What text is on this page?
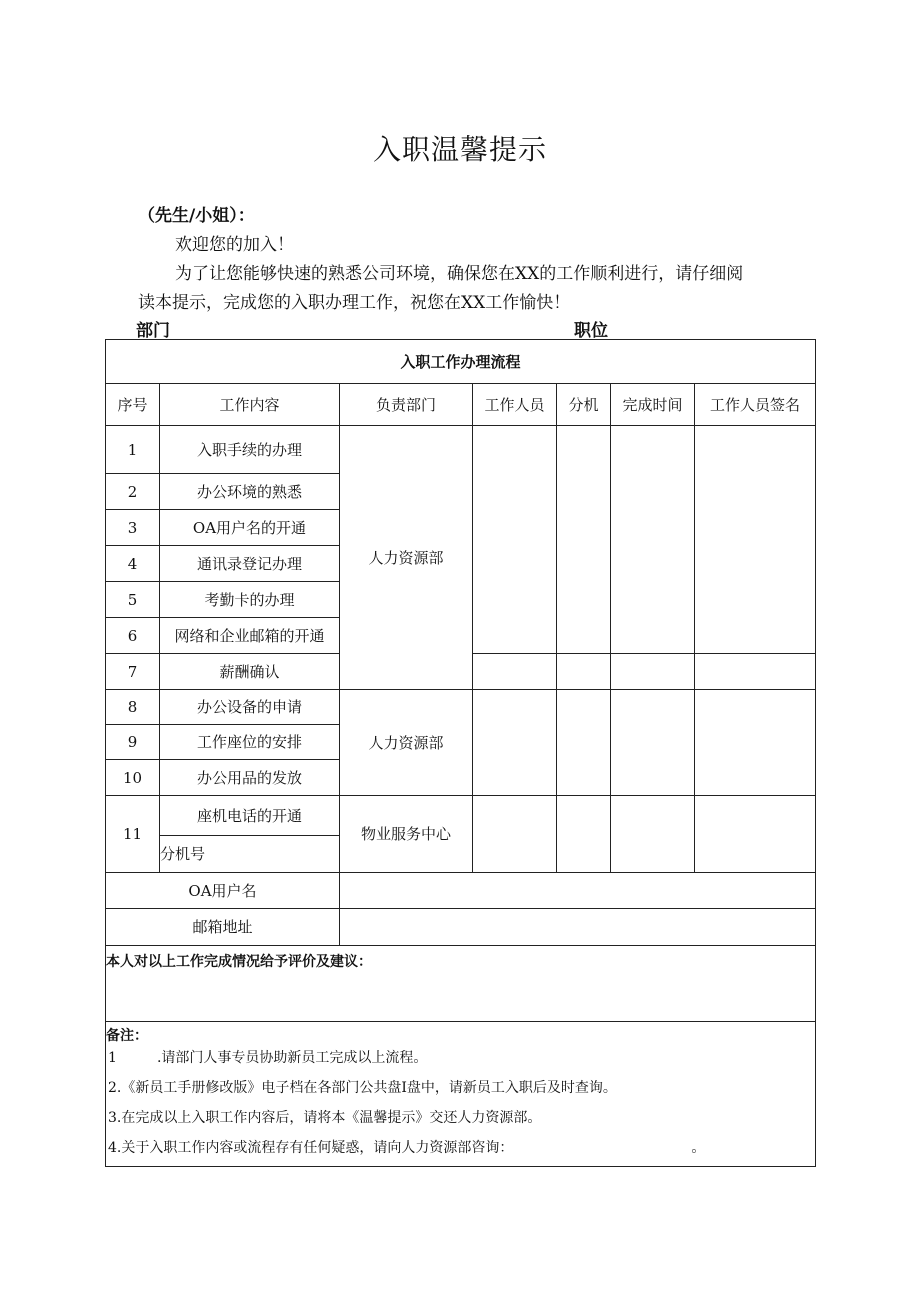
入职温馨提示
（先生/小姐）：
欢迎您的加入！
为了让您能够快速的熟悉公司环境，确保您在XX的工作顺利进行，请仔细阅
读本提示，完成您的入职办理工作，祝您在XX工作愉快！
部门	职位
入职工作办理流程						
序号	工作内容	负责部门	工作人员	分机	完成时间	工作人员签名
1	入职手续的办理	人力资源部				
2	办公环境的熟悉					
3	OA用户名的开通					
4	通讯录登记办理					
5	考勤卡的办理					
6	网络和企业邮箱的开通					
7	薪酬确认					
8	办公设备的申请	人力资源部				
9	工作座位的安排					
10	办公用品的发放					
11	座机电话的开通	物业服务中心				
	分机号					
OA用户名						
邮箱地址						
本人对以上工作完成情况给予评价及建议：						

备注：
1         .请部门人事专员协助新员工完成以上流程。
2.《新员工手册修改版》电子档在各部门公共盘I盘中，请新员工入职后及时查询。
3.在完成以上入职工作内容后，请将本《温馨提示》交还人力资源部。
4.关于入职工作内容或流程存有任何疑惑，请向人力资源部咨询：                                        。						
